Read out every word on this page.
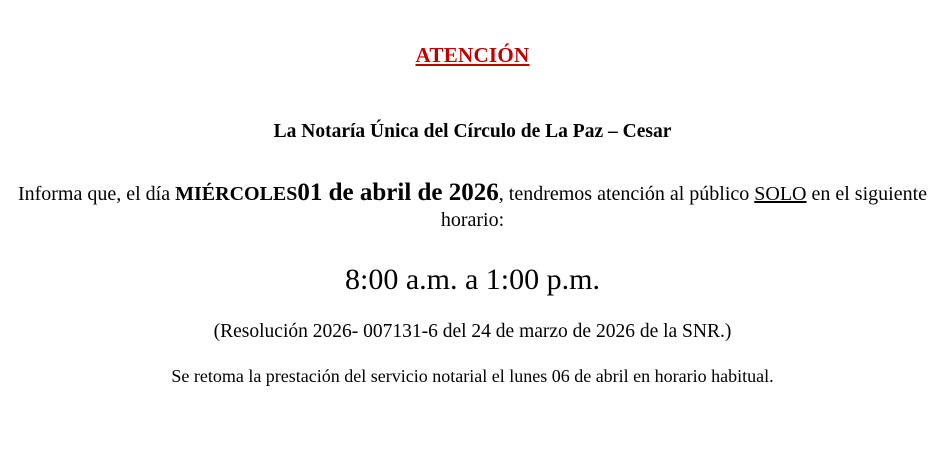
ATENCIÓN
La Notaría Única del Círculo de La Paz – Cesar
Informa que, el día MIÉRCOLES01 de abril de 2026, tendremos atención al público SOLO en el siguiente horario:
8:00 a.m. a 1:00 p.m.
(Resolución 2026- 007131-6 del 24 de marzo de 2026 de la SNR.)
Se retoma la prestación del servicio notarial el lunes 06 de abril en horario habitual.
